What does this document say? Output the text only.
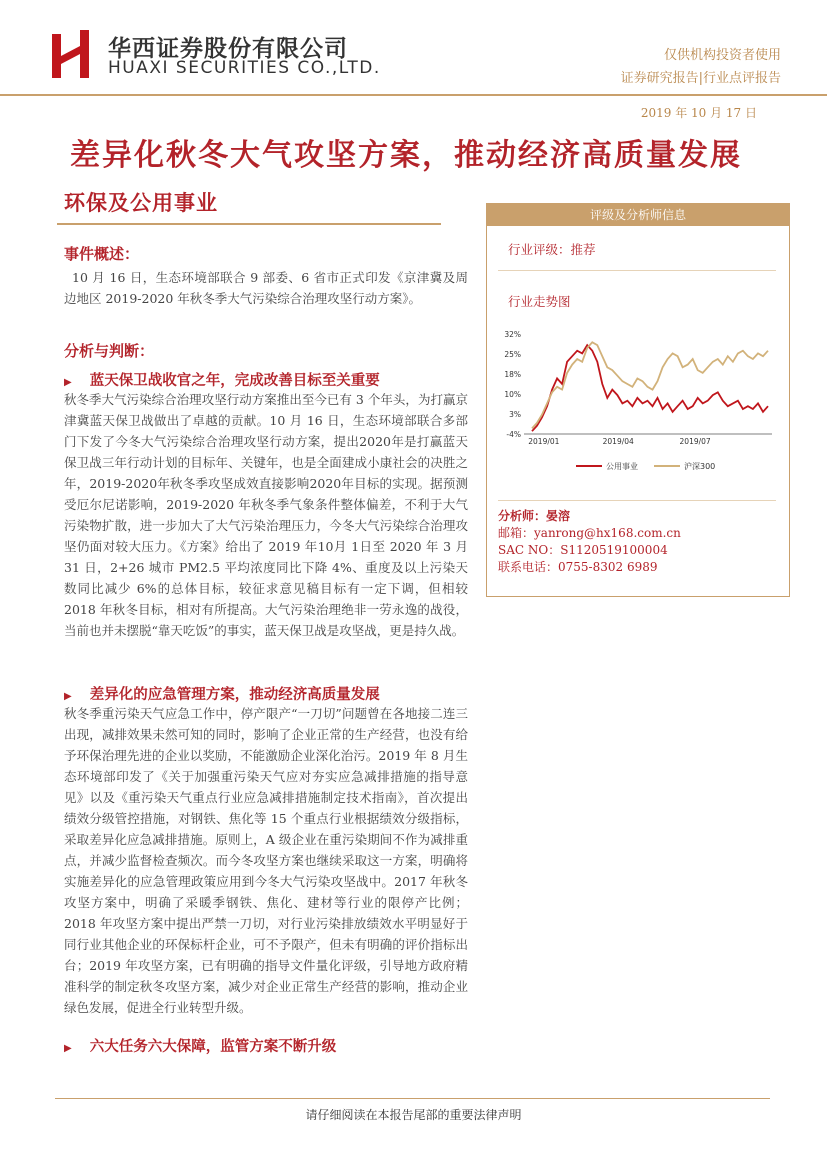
华西证券股份有限公司
HUAXI SECURITIES CO.,LTD.
仅供机构投资者使用
证券研究报告|行业点评报告
2019 年 10 月 17 日
差异化秋冬大气攻坚方案，推动经济高质量发展
环保及公用事业
事件概述：

10 月 16 日，生态环境部联合 9 部委、6 省市正式印发《京津冀及周边地区 2019-2020 年秋冬季大气污染综合治理攻坚行动方案》。

分析与判断：
▶ 蓝天保卫战收官之年，完成改善目标至关重要

秋冬季大气污染综合治理攻坚行动方案推出至今已有 3 个年头，为打赢京津冀蓝天保卫战做出了卓越的贡献。10 月 16 日，生态环境部联合多部门下发了今冬大气污染综合治理攻坚行动方案，提出2020年是打赢蓝天保卫战三年行动计划的目标年、关键年，也是全面建成小康社会的决胜之年，2019-2020年秋冬季攻坚成效直接影响2020年目标的实现。据预测受厄尔尼诺影响，2019-2020 年秋冬季气象条件整体偏差，不利于大气污染物扩散，进一步加大了大气污染治理压力，今冬大气污染综合治理攻坚仍面对较大压力。《方案》给出了 2019 年10月 1日至 2020 年 3 月 31 日，2+26 城市 PM2.5 平均浓度同比下降 4%、重度及以上污染天数同比减少 6%的总体目标，较征求意见稿目标有一定下调，但相较 2018 年秋冬目标，相对有所提高。大气污染治理绝非一劳永逸的战役，当前也并未摆脱“靠天吃饭”的事实，蓝天保卫战是攻坚战，更是持久战。

▶ 差异化的应急管理方案，推动经济高质量发展

秋冬季重污染天气应急工作中，停产限产“一刀切”问题曾在各地接二连三出现，减排效果未然可知的同时，影响了企业正常的生产经营，也没有给予环保治理先进的企业以奖励，不能激励企业深化治污。2019 年 8 月生态环境部印发了《关于加强重污染天气应对夯实应急减排措施的指导意见》以及《重污染天气重点行业应急减排措施制定技术指南》，首次提出绩效分级管控措施，对钢铁、焦化等 15 个重点行业根据绩效分级指标，采取差异化应急减排措施。原则上，A 级企业在重污染期间不作为减排重点，并减少监督检查频次。而今冬攻坚方案也继续采取这一方案，明确将实施差异化的应急管理政策应用到今冬大气污染攻坚战中。2017 年秋冬攻坚方案中，明确了采暖季钢铁、焦化、建材等行业的限停产比例；2018 年攻坚方案中提出严禁一刀切，对行业污染排放绩效水平明显好于同行业其他企业的环保标杆企业，可不予限产，但未有明确的评价指标出台；2019 年攻坚方案，已有明确的指导文件量化评级，引导地方政府精准科学的制定秋冬攻坚方案，减少对企业正常生产经营的影响，推动企业绿色发展，促进全行业转型升级。

▶ 六大任务六大保障，监管方案不断升级
评级及分析师信息
行业评级：推荐
行业走势图
32%
25%
18%
10%
3%
-4%
2019/01	2019/04	2019/07
公用事业	沪深300
分析师：晏溶
邮箱：yanrong@hx168.com.cn
SAC NO：S1120519100004
联系电话：0755-8302 6989
请仔细阅读在本报告尾部的重要法律声明
